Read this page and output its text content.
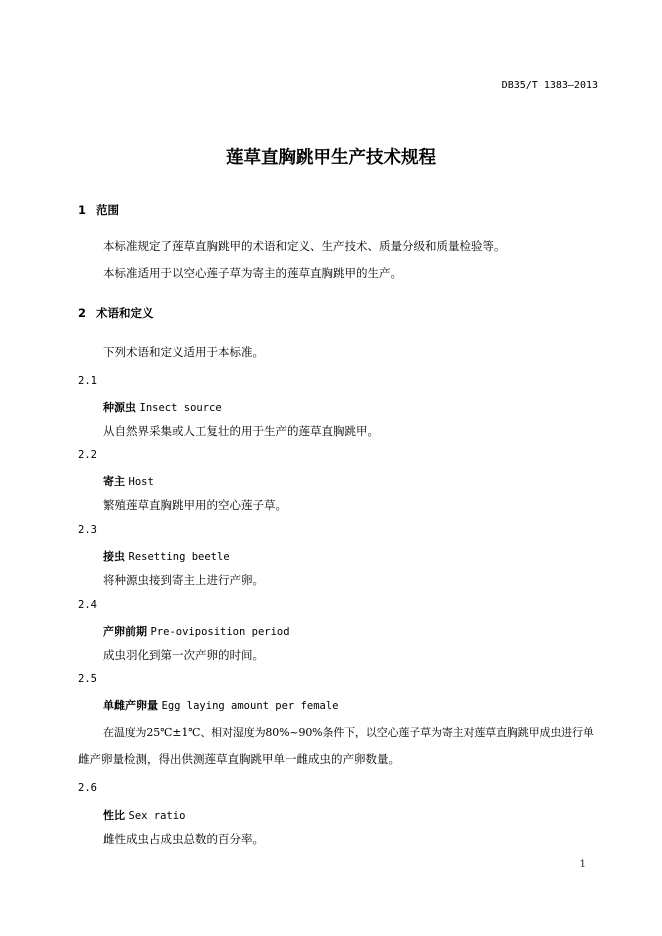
DB35/T 1383—2013
莲草直胸跳甲生产技术规程
1 范围
本标准规定了莲草直胸跳甲的术语和定义、生产技术、质量分级和质量检验等。
本标准适用于以空心莲子草为寄主的莲草直胸跳甲的生产。
2 术语和定义
下列术语和定义适用于本标准。
2.1
种源虫 Insect source
从自然界采集或人工复壮的用于生产的莲草直胸跳甲。
2.2
寄主 Host
繁殖莲草直胸跳甲用的空心莲子草。
2.3
接虫 Resetting beetle
将种源虫接到寄主上进行产卵。
2.4
产卵前期 Pre-oviposition period
成虫羽化到第一次产卵的时间。
2.5
单雌产卵量 Egg laying amount per female
在温度为25℃±1℃、相对湿度为80%~90%条件下，以空心莲子草为寄主对莲草直胸跳甲成虫进行单
雌产卵量检测，得出供测莲草直胸跳甲单一雌成虫的产卵数量。
2.6
性比 Sex ratio
雌性成虫占成虫总数的百分率。
1
